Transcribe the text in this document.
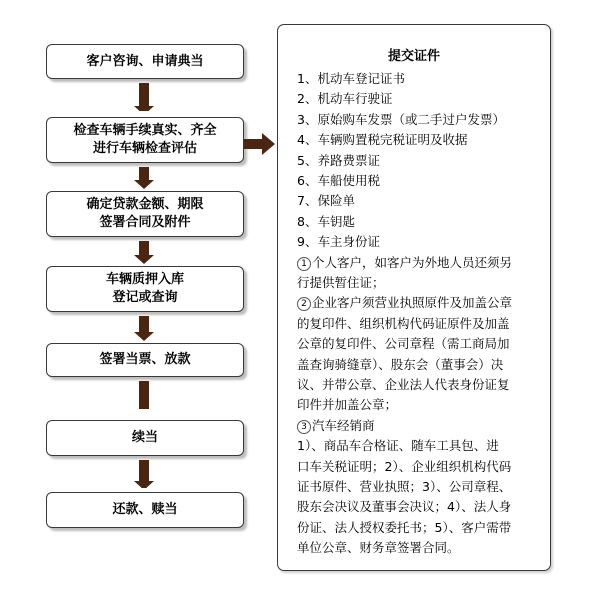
客户咨询、申请典当
检查车辆手续真实、齐全
进行车辆检查评估
确定贷款金额、期限
签署合同及附件
车辆质押入库
登记或查询
签署当票、放款
续当
还款、赎当
提交证件
1、机动车登记证书
2、机动车行驶证
3、原始购车发票（或二手过户发票）
4、车辆购置税完税证明及收据
5、养路费票证
6、车船使用税
7、保险单
8、车钥匙
9、车主身份证
1 个人客户，如客户为外地人员还须另
行提供暂住证；
2 企业客户须营业执照原件及加盖公章
的复印件、组织机构代码证原件及加盖
公章的复印件、公司章程（需工商局加
盖查询骑缝章）、股东会（董事会）决
议、并带公章、企业法人代表身份证复
印件并加盖公章；
3 汽车经销商
1）、商品车合格证、随车工具包、进
口车关税证明；2）、企业组织机构代码
证书原件、营业执照；3）、公司章程、
股东会决议及董事会决议；4）、法人身
份证、法人授权委托书；5）、客户需带
单位公章、财务章签署合同。
